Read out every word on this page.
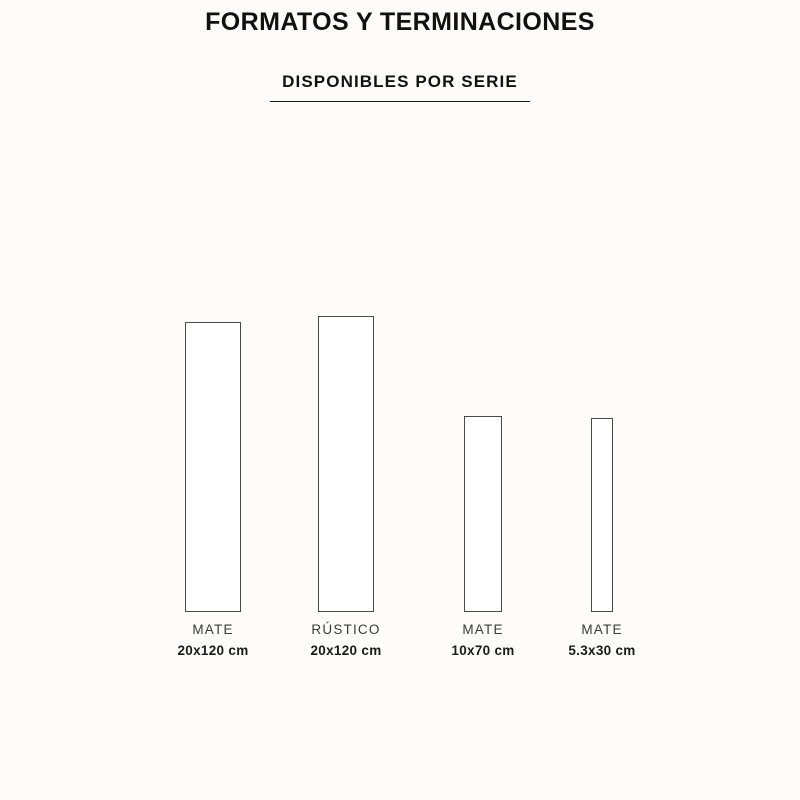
FORMATOS Y TERMINACIONES
DISPONIBLES POR SERIE
MATE
20x120 cm
RÚSTICO
20x120 cm
MATE
10x70 cm
MATE
5.3x30 cm
